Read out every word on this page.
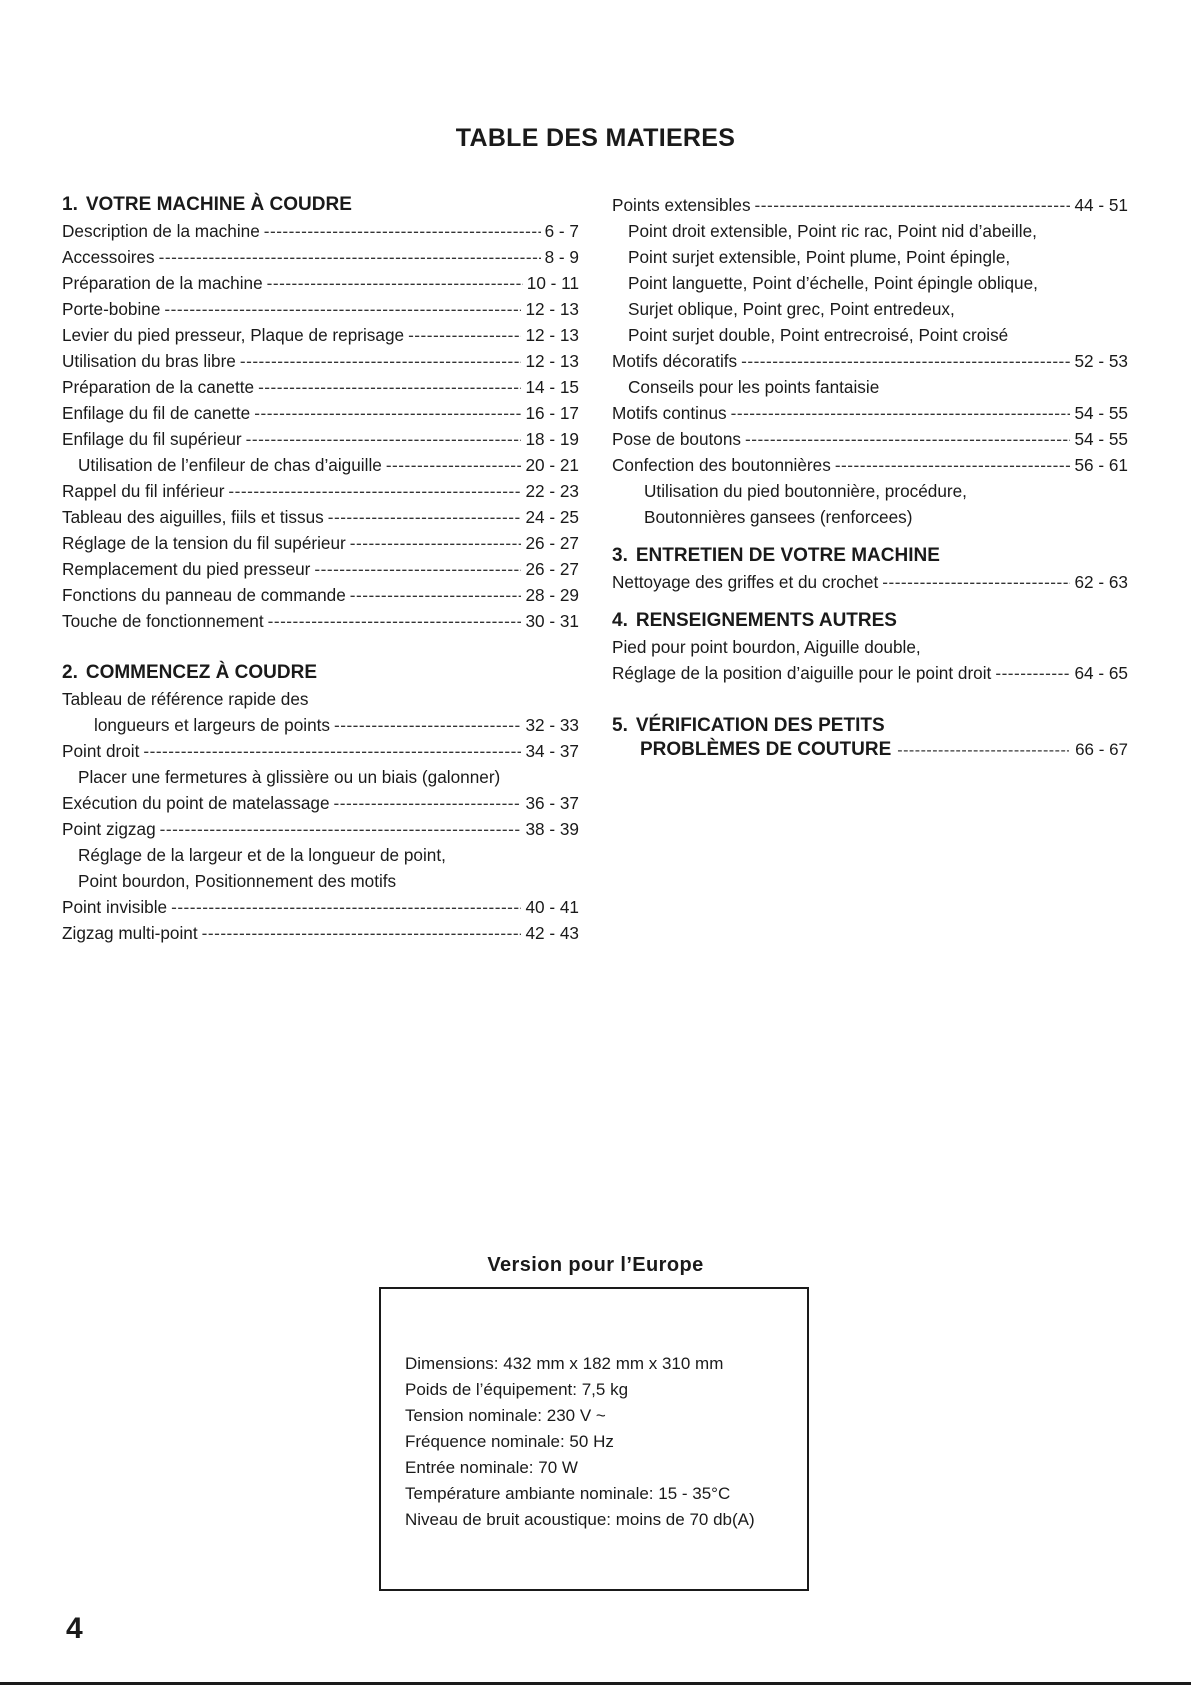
TABLE DES MATIERES
1. VOTRE MACHINE À COUDRE
Description de la machine -----	6 - 7
Accessoires -----	8 - 9
Préparation de la machine -----	10 - 11
Porte-bobine -----	12 - 13
Levier du pied presseur, Plaque de reprisage -----	12 - 13
Utilisation du bras libre -----	12 - 13
Préparation de la canette -----	14 - 15
Enfilage du fil de canette -----	16 - 17
Enfilage du fil supérieur -----	18 - 19
Utilisation de l’enfileur de chas d’aiguille -----	20 - 21
Rappel du fil inférieur -----	22 - 23
Tableau des aiguilles, fiils et tissus -----	24 - 25
Réglage de la tension du fil supérieur -----	26 - 27
Remplacement du pied presseur -----	26 - 27
Fonctions du panneau de commande -----	28 - 29
Touche de fonctionnement -----	30 - 31
2. COMMENCEZ À COUDRE
Tableau de référence rapide des
longueurs et largeurs de points -----	32 - 33
Point droit -----	34 - 37
Placer une fermetures à glissière ou un biais (galonner)
Exécution du point de matelassage -----	36 - 37
Point zigzag -----	38 - 39
Réglage de la largeur et de la longueur de point,
Point bourdon, Positionnement des motifs
Point invisible -----	40 - 41
Zigzag multi-point -----	42 - 43
Points extensibles -----	44 - 51
Point droit extensible, Point ric rac, Point nid d’abeille,
Point surjet extensible, Point plume, Point épingle,
Point languette, Point d’échelle, Point épingle oblique,
Surjet oblique, Point grec, Point entredeux,
Point surjet double, Point entrecroisé, Point croisé
Motifs décoratifs -----	52 - 53
Conseils pour les points fantaisie
Motifs continus -----	54 - 55
Pose de boutons -----	54 - 55
Confection des boutonnières -----	56 - 61
Utilisation du pied boutonnière, procédure,
Boutonnières gansees (renforcees)
3. ENTRETIEN DE VOTRE MACHINE
Nettoyage des griffes et du crochet -----	62 - 63
4. RENSEIGNEMENTS AUTRES
Pied pour point bourdon, Aiguille double,
Réglage de la position d’aiguille pour le point droit -----	64 - 65
5. VÉRIFICATION DES PETITS
PROBLÈMES DE COUTURE -----	66 - 67
Version pour l’Europe
Dimensions: 432 mm x 182 mm x 310 mm
Poids de l’équipement: 7,5 kg
Tension nominale: 230 V ~
Fréquence nominale: 50 Hz
Entrée nominale: 70 W
Température ambiante nominale: 15 - 35°C
Niveau de bruit acoustique: moins de 70 db(A)
4
